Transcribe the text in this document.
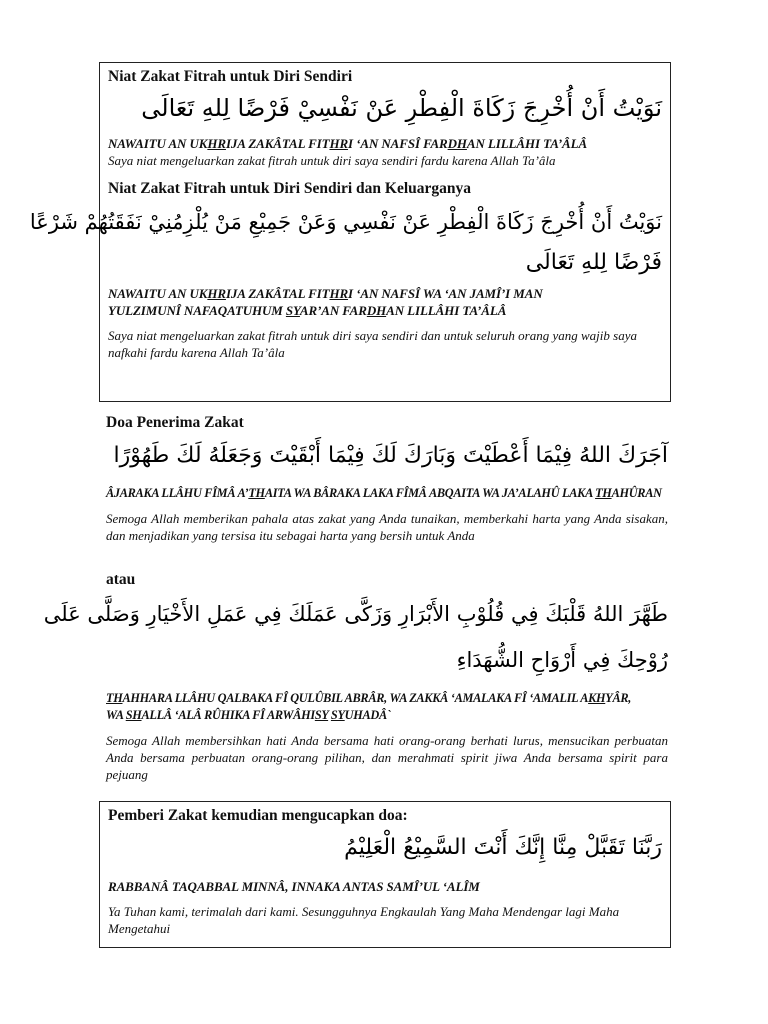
Niat Zakat Fitrah untuk Diri Sendiri
نَوَيْتُ أَنْ أُخْرِجَ زَكَاةَ الْفِطْرِ عَنْ نَفْسِيْ فَرْضًا لِلهِ تَعَالَى
NAWAITU AN UKHRIJA ZAKÂTAL FITHRI ‘AN NAFSÎ FARDHAN LILLÂHI TA’ÂLÂ
Saya niat mengeluarkan zakat fitrah untuk diri saya sendiri fardu karena Allah Ta’âla
Niat Zakat Fitrah untuk Diri Sendiri dan Keluarganya
نَوَيْتُ أَنْ أُخْرِجَ زَكَاةَ الْفِطْرِ عَنْ نَفْسِي وَعَنْ جَمِيْعِ مَنْ يُلْزِمُنِيْ نَفَقَتُهُمْ شَرْعًا
فَرْضًا لِلهِ تَعَالَى
NAWAITU AN UKHRIJA ZAKÂTAL FITHRI ‘AN NAFSÎ WA ‘AN JAMÎ’I MAN
YULZIMUNÎ NAFAQATUHUM SYAR’AN FARDHAN LILLÂHI TA’ÂLÂ
Saya niat mengeluarkan zakat fitrah untuk diri saya sendiri dan untuk seluruh orang yang wajib saya nafkahi fardu karena Allah Ta’âla
Doa Penerima Zakat
آجَرَكَ اللهُ فِيْمَا أَعْطَيْتَ وَبَارَكَ لَكَ فِيْمَا أَبْقَيْتَ وَجَعَلَهُ لَكَ طَهُوْرًا
ÂJARAKA LLÂHU FÎMÂ A’THAITA WA BÂRAKA LAKA FÎMÂ ABQAITA WA JA’ALAHÛ LAKA THAHÛRAN
Semoga Allah memberikan pahala atas zakat yang Anda tunaikan, memberkahi harta yang Anda sisakan, dan menjadikan yang tersisa itu sebagai harta yang bersih untuk Anda
atau
طَهَّرَ اللهُ قَلْبَكَ فِي قُلُوْبِ الأَبْرَارِ وَزَكَّى عَمَلَكَ فِي عَمَلِ الأَخْيَارِ وَصَلَّى عَلَى
رُوْحِكَ فِي أَرْوَاحِ الشُّهَدَاءِ
THAHHARA LLÂHU QALBAKA FÎ QULÛBIL ABRÂR, WA ZAKKÂ ‘AMALAKA FÎ ‘AMALIL AKHYÂR,
WA SHALLÂ ‘ALÂ RÛHIKA FÎ ARWÂHISY SYUHADÂ`
Semoga Allah membersihkan hati Anda bersama hati orang-orang berhati lurus, mensucikan perbuatan Anda bersama perbuatan orang-orang pilihan, dan merahmati spirit jiwa Anda bersama spirit para pejuang
Pemberi Zakat kemudian mengucapkan doa:
رَبَّنَا تَقَبَّلْ مِنَّا إِنَّكَ أَنْتَ السَّمِيْعُ الْعَلِيْمُ
RABBANÂ TAQABBAL MINNÂ, INNAKA ANTAS SAMÎ’UL ‘ALÎM
Ya Tuhan kami, terimalah dari kami. Sesungguhnya Engkaulah Yang Maha Mendengar lagi Maha Mengetahui
